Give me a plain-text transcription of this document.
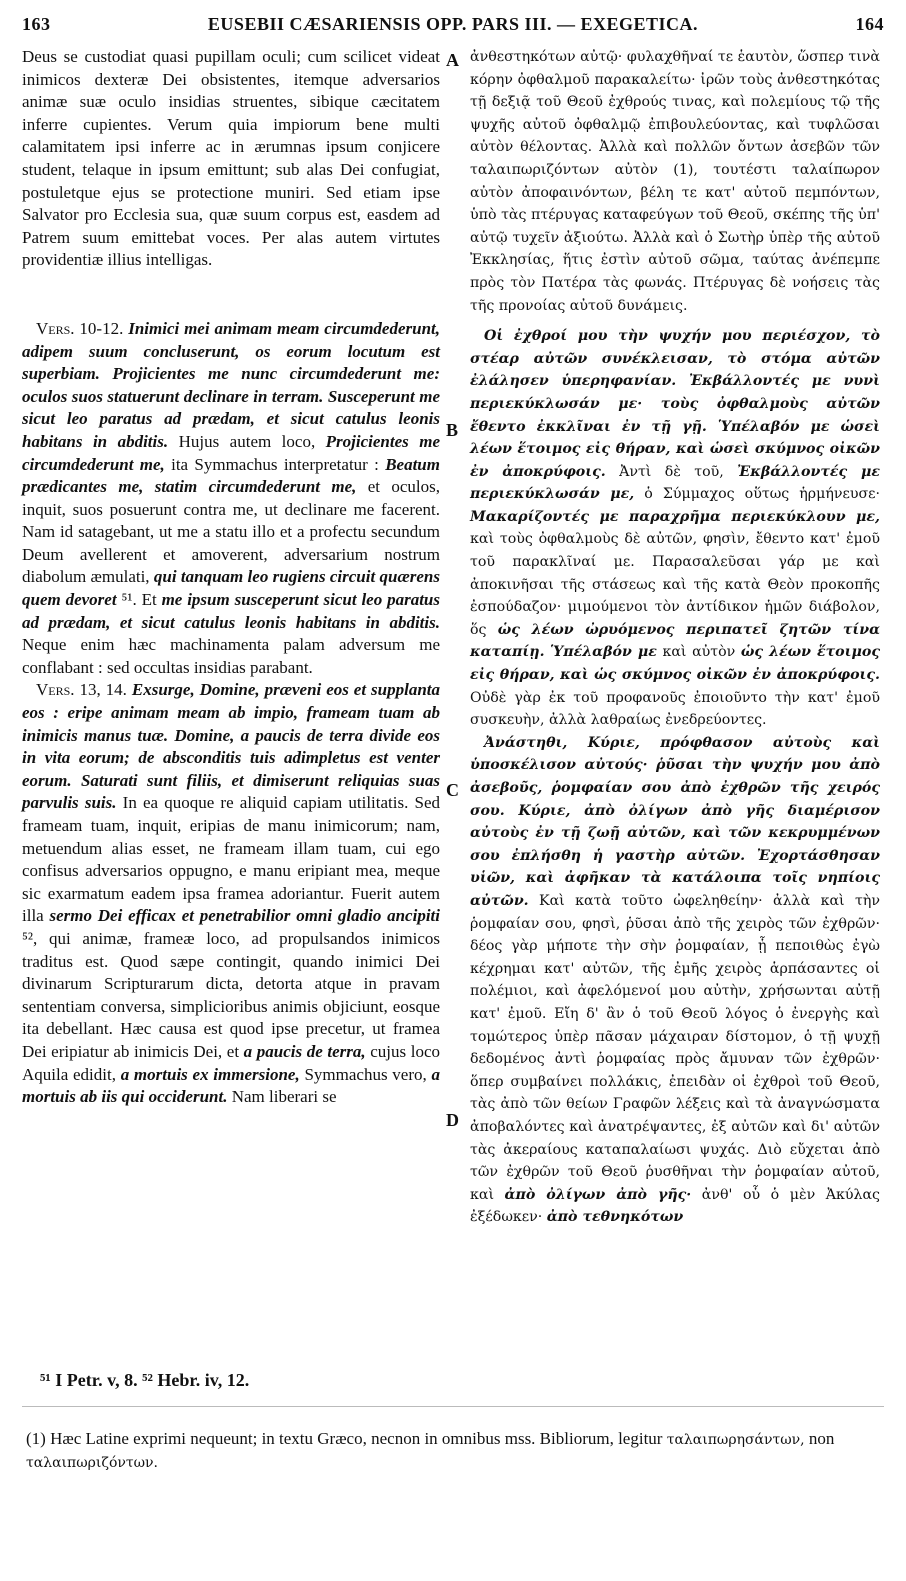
163	EUSEBII CÆSARIENSIS OPP. PARS III. — EXEGETICA.	164

Deus se custodiat quasi pupillam oculi; cum scilicet videat inimicos dexteræ Dei obsistentes, itemque adversarios animæ suæ oculo insidias struentes, sibique cæcitatem inferre cupientes. Verum quia impiorum bene multi calamitatem ipsi inferre ac in ærumnas ipsum conjicere student, telaque in ipsum emittunt; sub alas Dei confugiat, postuletque ejus se protectione muniri. Sed etiam ipse Salvator pro Ecclesia sua, quæ suum corpus est, easdem ad Patrem suum emittebat voces. Per alas autem virtutes providentiæ illius intelligas.

Vers. 10-12. Inimici mei animam meam circumdederunt, adipem suum concluserunt, os eorum locutum est superbiam. Projicientes me nunc circumdederunt me: oculos suos statuerunt declinare in terram. Susceperunt me sicut leo paratus ad prædam, et sicut catulus leonis habitans in abditis. Hujus autem loco, Projicientes me circumdederunt me, ita Symmachus interpretatur : Beatum prædicantes me, statim circumdederunt me, et oculos, inquit, suos posuerunt contra me, ut declinare me facerent. Nam id satagebant, ut me a statu illo et a profectu secundum Deum avellerent et amoverent, adversarium nostrum diabolum æmulati, qui tanquam leo rugiens circuit quærens quem devoret ⁵¹. Et me ipsum susceperunt sicut leo paratus ad prædam, et sicut catulus leonis habitans in abditis. Neque enim hæc machinamenta palam adversum me conflabant : sed occultas insidias parabant.

Vers. 13, 14. Exsurge, Domine, præveni eos et supplanta eos : eripe animam meam ab impio, frameam tuam ab inimicis manus tuæ. Domine, a paucis de terra divide eos in vita eorum; de absconditis tuis adimpletus est venter eorum. Saturati sunt filiis, et dimiserunt reliquias suas parvulis suis. In ea quoque re aliquid capiam utilitatis. Sed frameam tuam, inquit, eripias de manu inimicorum; nam, metuendum alias esset, ne frameam illam tuam, cui ego confisus adversarios oppugno, e manu eripiant mea, meque sic exarmatum eadem ipsa framea adoriantur. Fuerit autem illa sermo Dei efficax et penetrabilior omni gladio ancipiti ⁵², qui animæ, frameæ loco, ad propulsandos inimicos traditus est. Quod sæpe contingit, quando inimici Dei divinarum Scripturarum dicta, detorta atque in pravam sententiam conversa, simplicioribus animis objiciunt, eosque ita debellant. Hæc causa est quod ipse precetur, ut framea Dei eripiatur ab inimicis Dei, et a paucis de terra, cujus loco Aquila edidit, a mortuis ex immersione, Symmachus vero, a mortuis ab iis qui occiderunt. Nam liberari se

A
B
C
D

ἀνθεστηκότων αὐτῷ· φυλαχθῆναί τε ἑαυτὸν, ὥσπερ τινὰ κόρην ὀφθαλμοῦ παρακαλείτω· ἰρῶν τοὺς ἀνθεστηκότας τῇ δεξιᾷ τοῦ Θεοῦ ἐχθρούς τινας, καὶ πολεμίους τῷ τῆς ψυχῆς αὐτοῦ ὀφθαλμῷ ἐπιβουλεύοντας, καὶ τυφλῶσαι αὐτὸν θέλοντας. Ἀλλὰ καὶ πολλῶν ὄντων ἀσεβῶν τῶν ταλαιπωριζόντων αὐτὸν (1), τουτέστι ταλαίπωρον αὐτὸν ἀποφαινόντων, βέλη τε κατ' αὐτοῦ πεμπόντων, ὑπὸ τὰς πτέρυγας καταφεύγων τοῦ Θεοῦ, σκέπης τῆς ὑπ' αὐτῷ τυχεῖν ἀξιούτω. Ἀλλὰ καὶ ὁ Σωτὴρ ὑπὲρ τῆς αὐτοῦ Ἐκκλησίας, ἥτις ἐστὶν αὐτοῦ σῶμα, ταύτας ἀνέπεμπε πρὸς τὸν Πατέρα τὰς φωνάς. Πτέρυγας δὲ νοήσεις τὰς τῆς προνοίας αὐτοῦ δυνάμεις.

Οἱ ἐχθροί μου τὴν ψυχήν μου περιέσχον, τὸ στέαρ αὐτῶν συνέκλεισαν, τὸ στόμα αὐτῶν ἐλάλησεν ὑπερηφανίαν. Ἐκβάλλοντές με νυνὶ περιεκύκλωσάν με· τοὺς ὀφθαλμοὺς αὐτῶν ἔθεντο ἐκκλῖναι ἐν τῇ γῇ. Ὑπέλαβόν με ὡσεὶ λέων ἕτοιμος εἰς θήραν, καὶ ὡσεὶ σκύμνος οἰκῶν ἐν ἀποκρύφοις. Ἀντὶ δὲ τοῦ, Ἐκβάλλοντές με περιεκύκλωσάν με, ὁ Σύμμαχος οὕτως ἡρμήνευσε· Μακαρίζοντές με παραχρῆμα περιεκύκλουν με, καὶ τοὺς ὀφθαλμοὺς δὲ αὐτῶν, φησὶν, ἔθεντο κατ' ἐμοῦ τοῦ παρακλῖναί με. Παρασαλεῦσαι γάρ με καὶ ἀποκινῆσαι τῆς στάσεως καὶ τῆς κατὰ Θεὸν προκοπῆς ἐσπούδαζον· μιμούμενοι τὸν ἀντίδικον ἡμῶν διάβολον, ὅς ὡς λέων ὠρυόμενος περιπατεῖ ζητῶν τίνα καταπίῃ. Ὑπέλαβόν με καὶ αὐτὸν ὡς λέων ἕτοιμος εἰς θήραν, καὶ ὡς σκύμνος οἰκῶν ἐν ἀποκρύφοις. Οὐδὲ γὰρ ἐκ τοῦ προφανοῦς ἐποιοῦντο τὴν κατ' ἐμοῦ συσκευὴν, ἀλλὰ λαθραίως ἐνεδρεύοντες.

Ἀνάστηθι, Κύριε, πρόφθασον αὐτοὺς καὶ ὑποσκέλισον αὐτούς· ῥῦσαι τὴν ψυχήν μου ἀπὸ ἀσεβοῦς, ῥομφαίαν σου ἀπὸ ἐχθρῶν τῆς χειρός σου. Κύριε, ἀπὸ ὀλίγων ἀπὸ γῆς διαμέρισον αὐτοὺς ἐν τῇ ζωῇ αὐτῶν, καὶ τῶν κεκρυμμένων σου ἐπλήσθη ἡ γαστὴρ αὐτῶν. Ἐχορτάσθησαν υἱῶν, καὶ ἀφῆκαν τὰ κατάλοιπα τοῖς νηπίοις αὐτῶν. Καὶ κατὰ τοῦτο ὠφεληθείην· ἀλλὰ καὶ τὴν ῥομφαίαν σου, φησὶ, ῥῦσαι ἀπὸ τῆς χειρὸς τῶν ἐχθρῶν· δέος γὰρ μήποτε τὴν σὴν ῥομφαίαν, ᾗ πεποιθὼς ἐγὼ κέχρημαι κατ' αὐτῶν, τῆς ἐμῆς χειρὸς ἁρπάσαντες οἱ πολέμιοι, καὶ ἀφελόμενοί μου αὐτὴν, χρήσωνται αὐτῇ κατ' ἐμοῦ. Εἴη δ' ἂν ὁ τοῦ Θεοῦ λόγος ὁ ἐνεργὴς καὶ τομώτερος ὑπὲρ πᾶσαν μάχαιραν δίστομον, ὁ τῇ ψυχῇ δεδομένος ἀντὶ ῥομφαίας πρὸς ἄμυναν τῶν ἐχθρῶν· ὅπερ συμβαίνει πολλάκις, ἐπειδὰν οἱ ἐχθροὶ τοῦ Θεοῦ, τὰς ἀπὸ τῶν θείων Γραφῶν λέξεις καὶ τὰ ἀναγνώσματα ἀποβαλόντες καὶ ἀνατρέψαντες, ἐξ αὐτῶν καὶ δι' αὐτῶν τὰς ἀκεραίους καταπαλαίωσι ψυχάς. Διὸ εὔχεται ἀπὸ τῶν ἐχθρῶν τοῦ Θεοῦ ῥυσθῆναι τὴν ῥομφαίαν αὐτοῦ, καὶ ἀπὸ ὀλίγων ἀπὸ γῆς· ἀνθ' οὗ ὁ μὲν Ἀκύλας ἐξέδωκεν· ἀπὸ τεθνηκότων

⁵¹ I Petr. v, 8. ⁵² Hebr. iv, 12.
(1) Hæc Latine exprimi nequeunt; in textu Græco, necnon in omnibus mss. Bibliorum, legitur ταλαιπωρησάντων, non ταλαιπωριζόντων.
